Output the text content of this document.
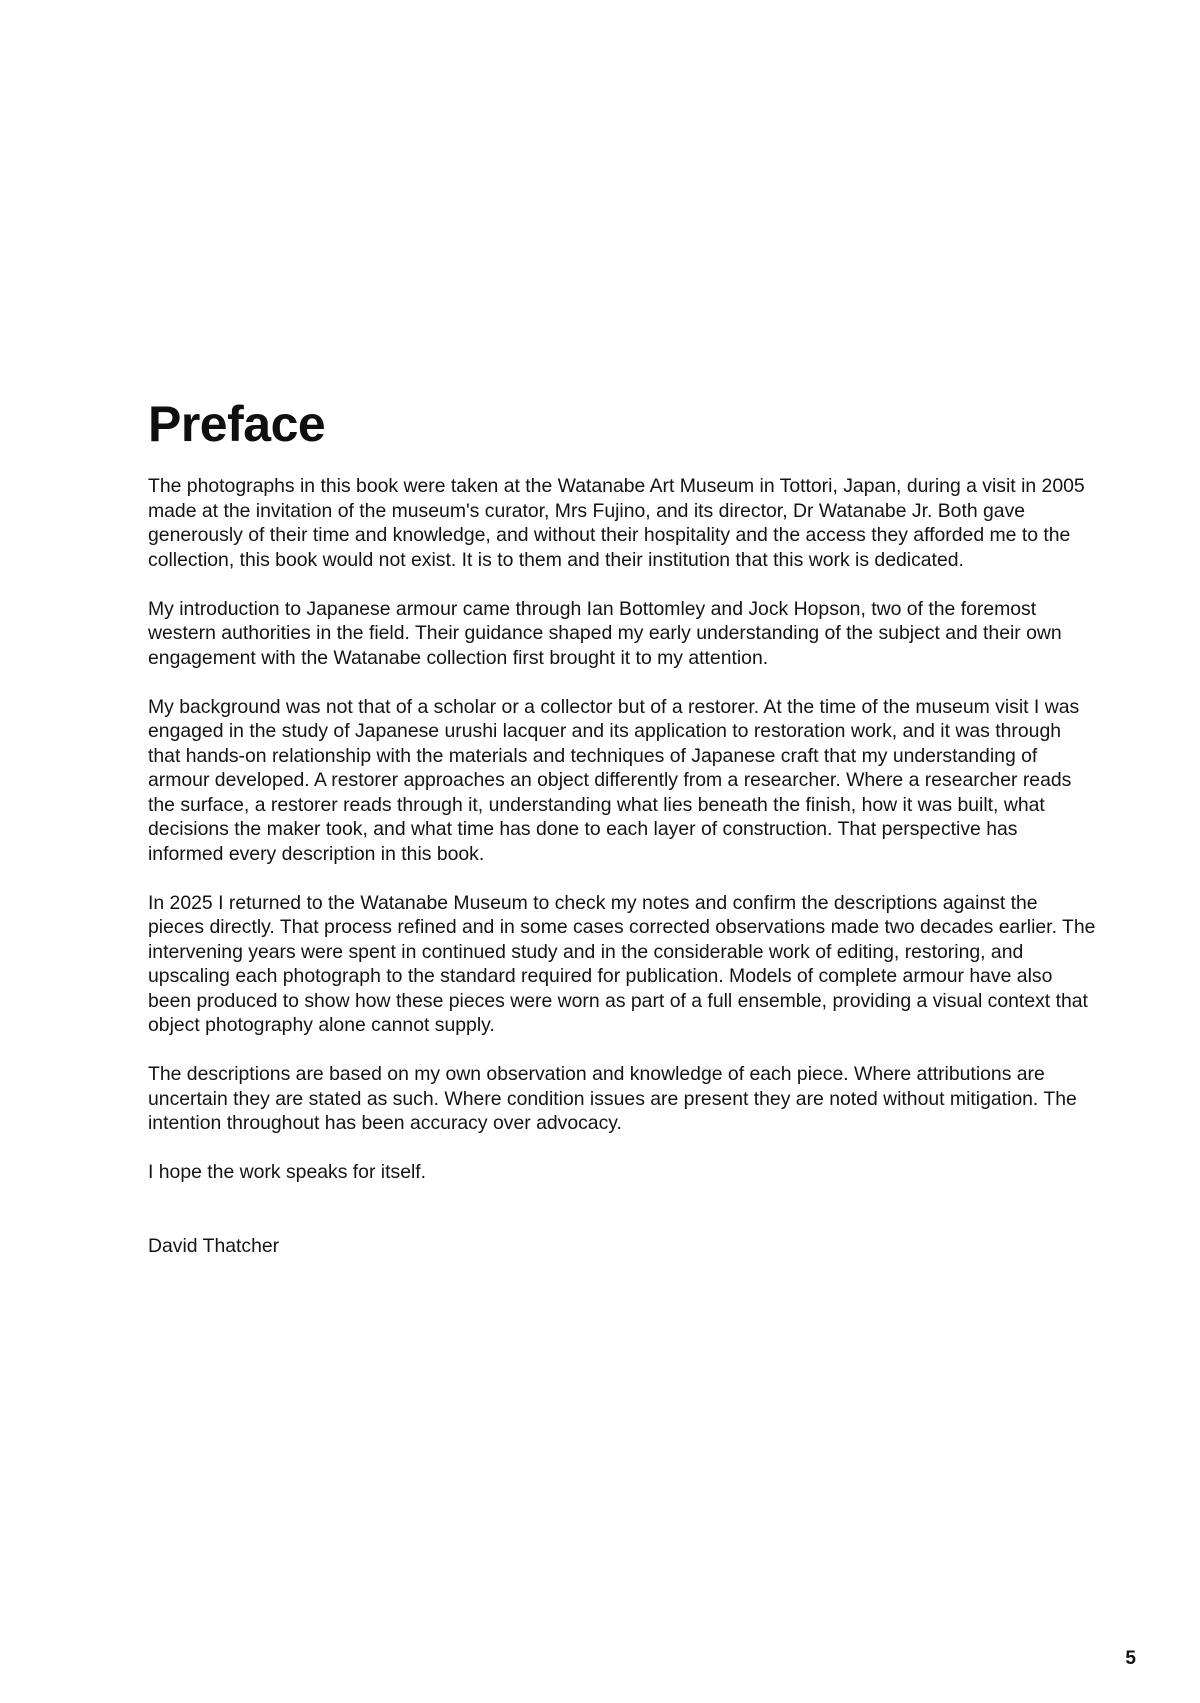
Preface

The photographs in this book were taken at the Watanabe Art Museum in Tottori, Japan, during a visit in 2005 made at the invitation of the museum's curator, Mrs Fujino, and its director, Dr Watanabe Jr. Both gave generously of their time and knowledge, and without their hospitality and the access they afforded me to the collection, this book would not exist. It is to them and their institution that this work is dedicated.

My introduction to Japanese armour came through Ian Bottomley and Jock Hopson, two of the foremost western authorities in the field. Their guidance shaped my early understanding of the subject and their own engagement with the Watanabe collection first brought it to my attention.

My background was not that of a scholar or a collector but of a restorer. At the time of the museum visit I was engaged in the study of Japanese urushi lacquer and its application to restoration work, and it was through that hands-on relationship with the materials and techniques of Japanese craft that my understanding of armour developed. A restorer approaches an object differently from a researcher. Where a researcher reads the surface, a restorer reads through it, understanding what lies beneath the finish, how it was built, what decisions the maker took, and what time has done to each layer of construction. That perspective has informed every description in this book.

In 2025 I returned to the Watanabe Museum to check my notes and confirm the descriptions against the pieces directly. That process refined and in some cases corrected observations made two decades earlier. The intervening years were spent in continued study and in the considerable work of editing, restoring, and upscaling each photograph to the standard required for publication. Models of complete armour have also been produced to show how these pieces were worn as part of a full ensemble, providing a visual context that object photography alone cannot supply.

The descriptions are based on my own observation and knowledge of each piece. Where attributions are uncertain they are stated as such. Where condition issues are present they are noted without mitigation. The intention throughout has been accuracy over advocacy.

I hope the work speaks for itself.

David Thatcher

5
